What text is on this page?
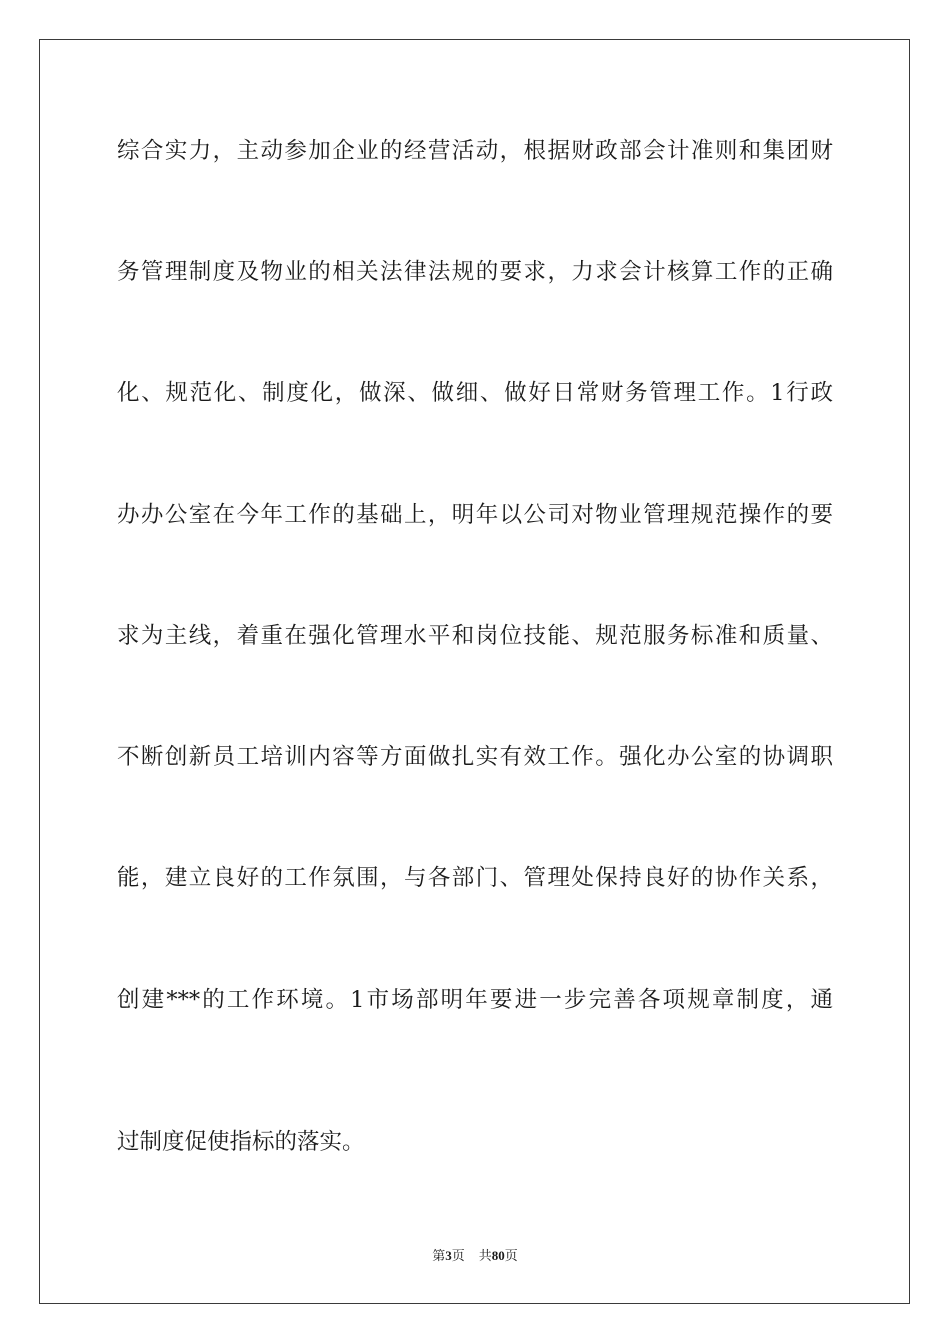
综合实力，主动参加企业的经营活动，根据财政部会计准则和集团财
务管理制度及物业的相关法律法规的要求，力求会计核算工作的正确
化、规范化、制度化，做深、做细、做好日常财务管理工作。1行政
办办公室在今年工作的基础上，明年以公司对物业管理规范操作的要
求为主线，着重在强化管理水平和岗位技能、规范服务标准和质量、
不断创新员工培训内容等方面做扎实有效工作。强化办公室的协调职
能，建立良好的工作氛围，与各部门、管理处保持良好的协作关系，
创建***的工作环境。1市场部明年要进一步完善各项规章制度，通
过制度促使指标的落实。
第3页 共80页
